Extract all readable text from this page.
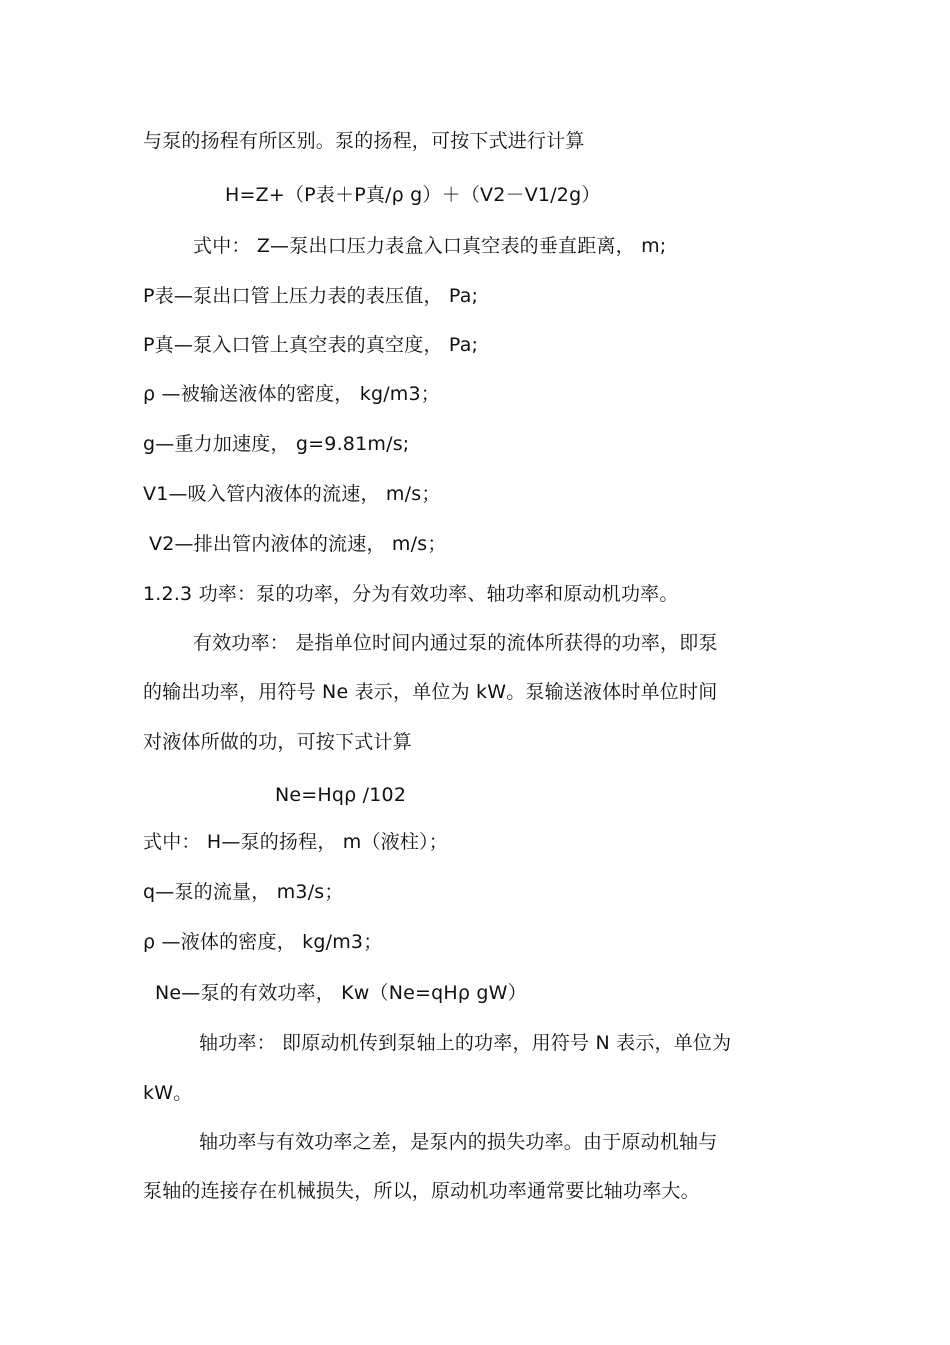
与泵的扬程有所区别。泵的扬程，可按下式进行计算
H=Z+（P表＋P真/ρ g）＋（V2－V1/2g）
式中： Z—泵出口压力表盒入口真空表的垂直距离， m;
P表—泵出口管上压力表的表压值， Pa;
P真—泵入口管上真空表的真空度， Pa;
ρ —被输送液体的密度， kg/m3；
g—重力加速度， g=9.81m/s;
V1—吸入管内液体的流速， m/s；
V2—排出管内液体的流速， m/s；
1.2.3 功率：泵的功率，分为有效功率、轴功率和原动机功率。
有效功率： 是指单位时间内通过泵的流体所获得的功率，即泵
的输出功率，用符号 Ne 表示，单位为 kW。泵输送液体时单位时间
对液体所做的功，可按下式计算
Ne=Hqρ /102
式中： H—泵的扬程， m（液柱）；
q—泵的流量， m3/s；
ρ —液体的密度， kg/m3；
Ne—泵的有效功率， Kw（Ne=qHρ gW）
轴功率： 即原动机传到泵轴上的功率，用符号 N 表示，单位为
kW。
轴功率与有效功率之差，是泵内的损失功率。由于原动机轴与
泵轴的连接存在机械损失，所以，原动机功率通常要比轴功率大。
